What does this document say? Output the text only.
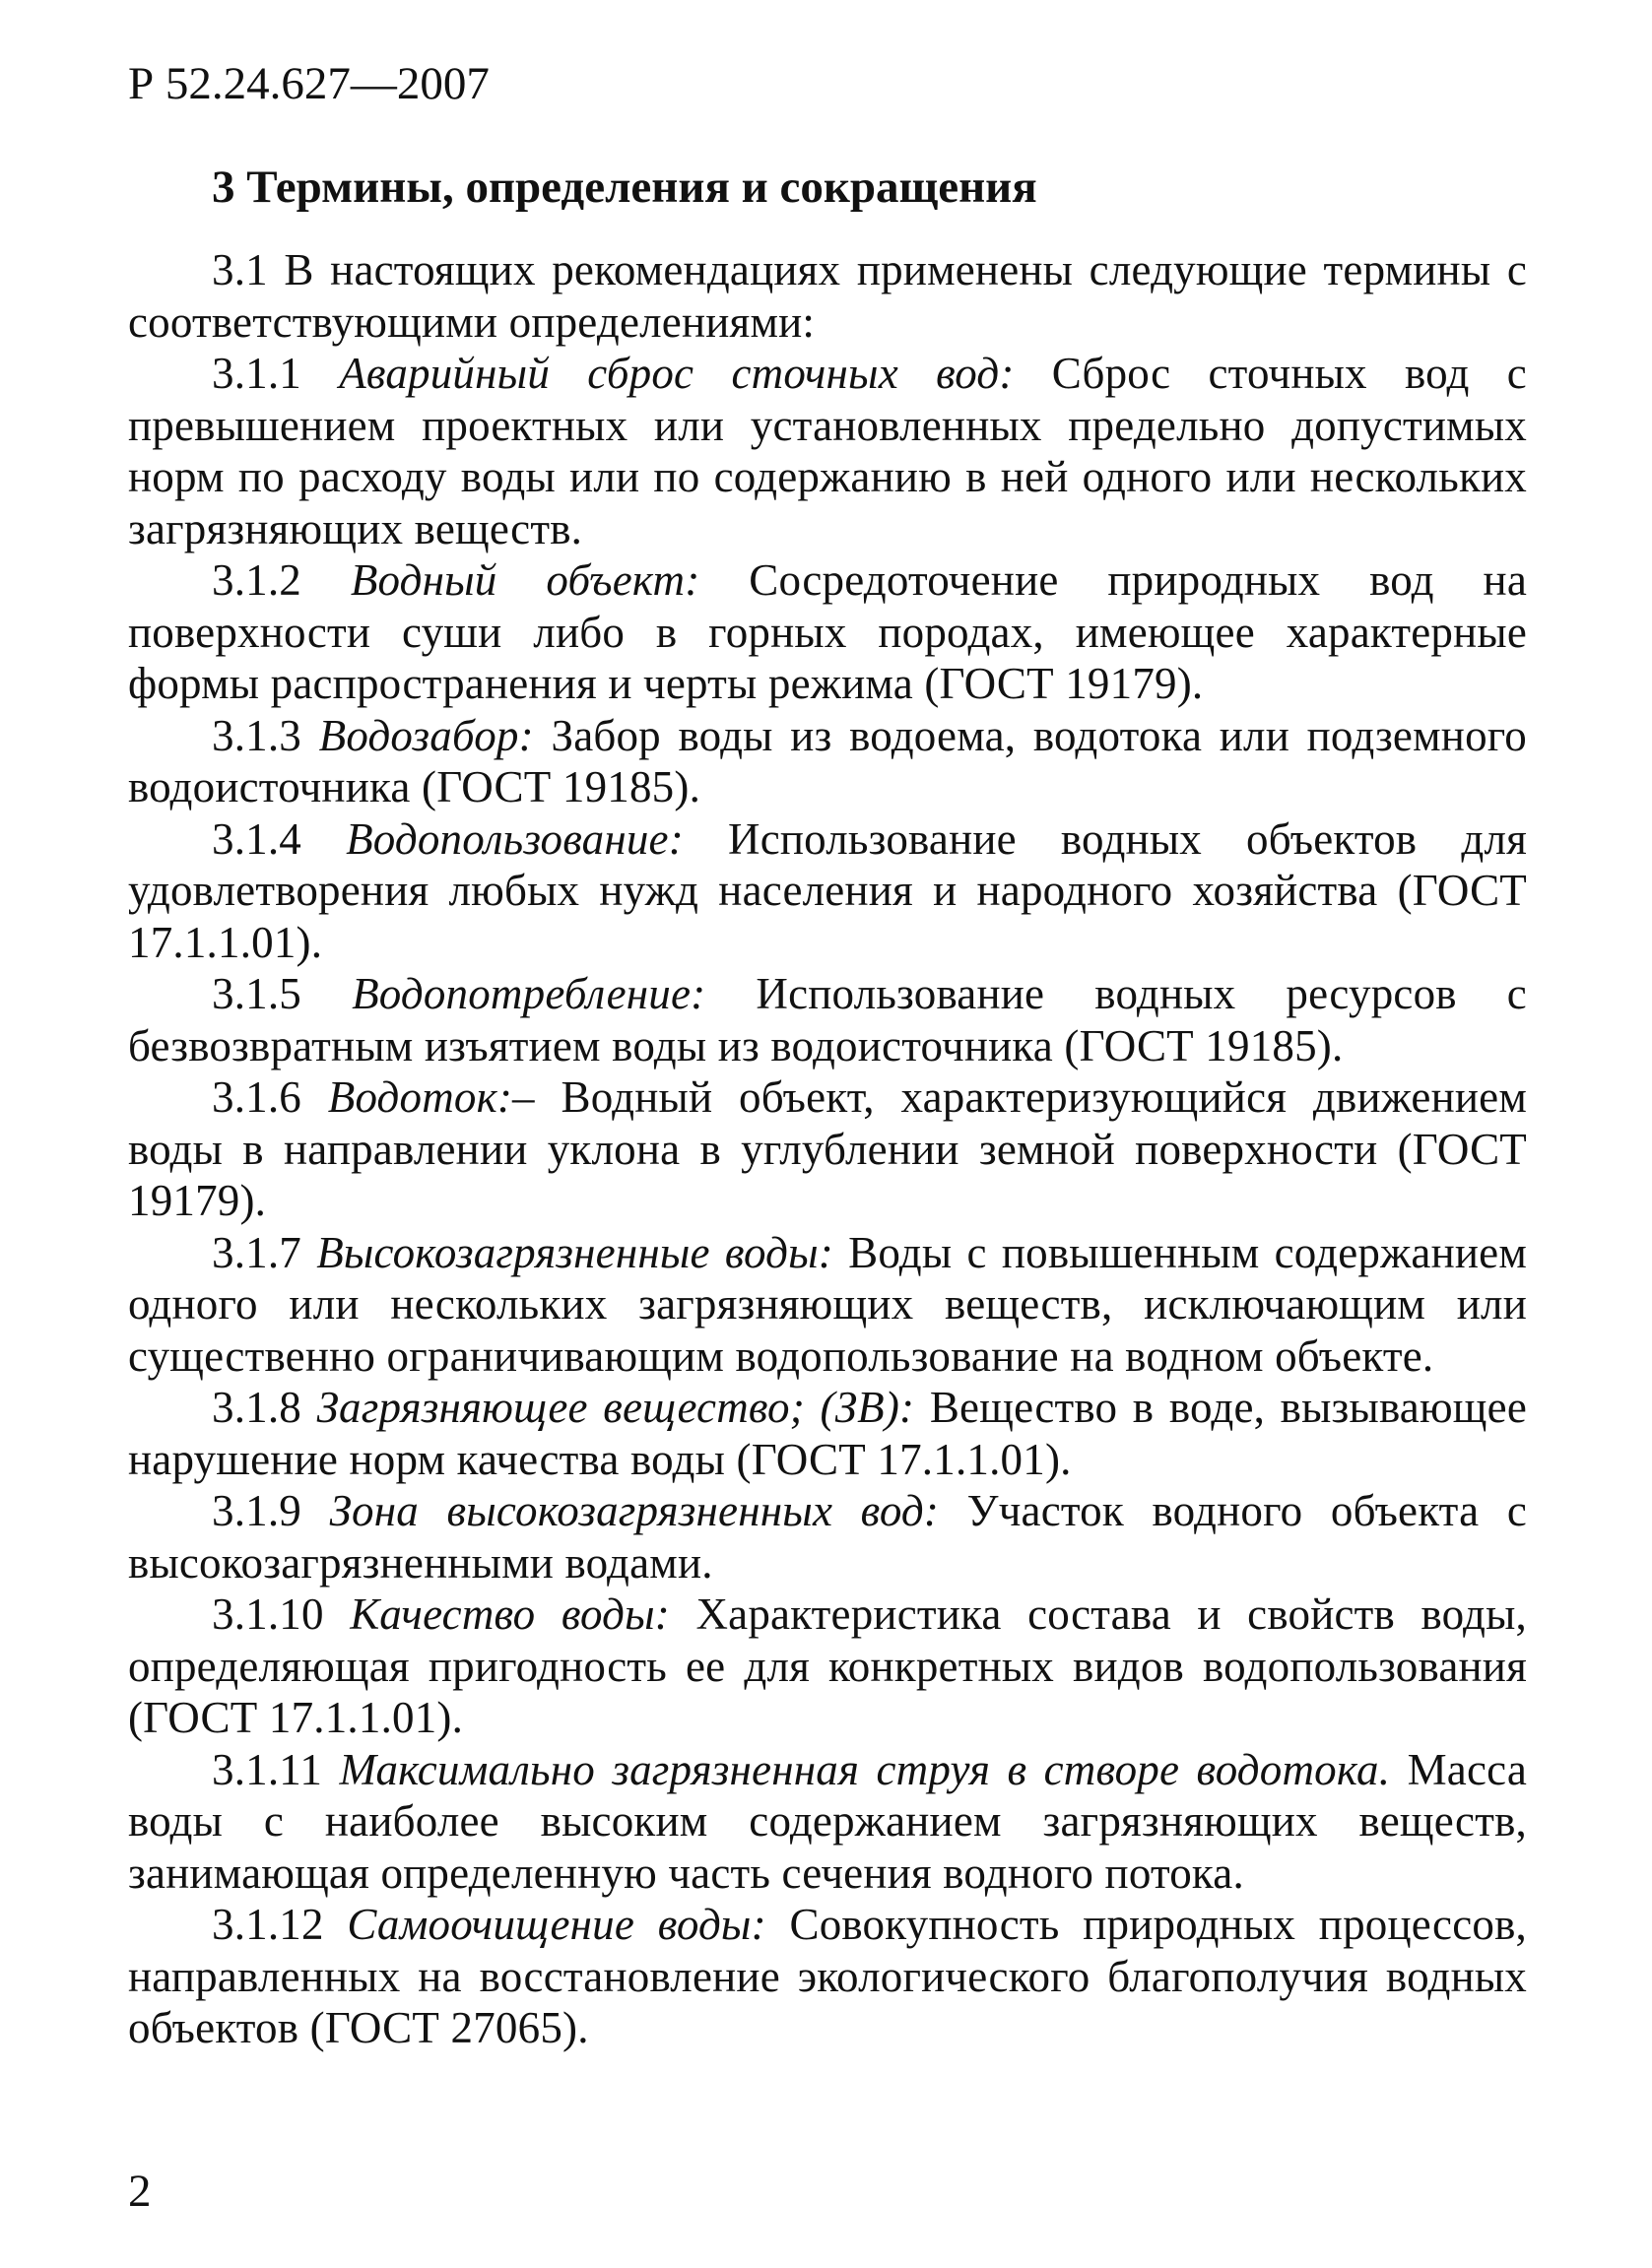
Р 52.24.627—2007
3 Термины, определения и сокращения

3.1 В настоящих рекомендациях применены следующие термины с соответствующими определениями:

3.1.1 Аварийный сброс сточных вод: Сброс сточных вод с превышением проектных или установленных предельно допустимых норм по расходу воды или по содержанию в ней одного или нескольких загрязняющих веществ.

3.1.2 Водный объект: Сосредоточение природных вод на поверхности суши либо в горных породах, имеющее характерные формы распространения и черты режима (ГОСТ 19179).

3.1.3 Водозабор: Забор воды из водоема, водотока или подземного водоисточника (ГОСТ 19185).

3.1.4 Водопользование: Использование водных объектов для удовлетворения любых нужд населения и народного хозяйства (ГОСТ 17.1.1.01).

3.1.5 Водопотребление: Использование водных ресурсов с безвозвратным изъятием воды из водоисточника (ГОСТ 19185).

3.1.6 Водоток:– Водный объект, характеризующийся движением воды в направлении уклона в углублении земной поверхности (ГОСТ 19179).

3.1.7 Высокозагрязненные воды: Воды с повышенным содержанием одного или нескольких загрязняющих веществ, исключающим или существенно ограничивающим водопользование на водном объекте.

3.1.8 Загрязняющее вещество; (ЗВ): Вещество в воде, вызывающее нарушение норм качества воды (ГОСТ 17.1.1.01).

3.1.9 Зона высокозагрязненных вод: Участок водного объекта с высокозагрязненными водами.

3.1.10 Качество воды: Характеристика состава и свойств воды, определяющая пригодность ее для конкретных видов водопользования (ГОСТ 17.1.1.01).

3.1.11 Максимально загрязненная струя в створе водотока. Масса воды с наиболее высоким содержанием загрязняющих веществ, занимающая определенную часть сечения водного потока.

3.1.12 Самоочищение воды: Совокупность природных процессов, направленных на восстановление экологического благополучия водных объектов (ГОСТ 27065).

2
